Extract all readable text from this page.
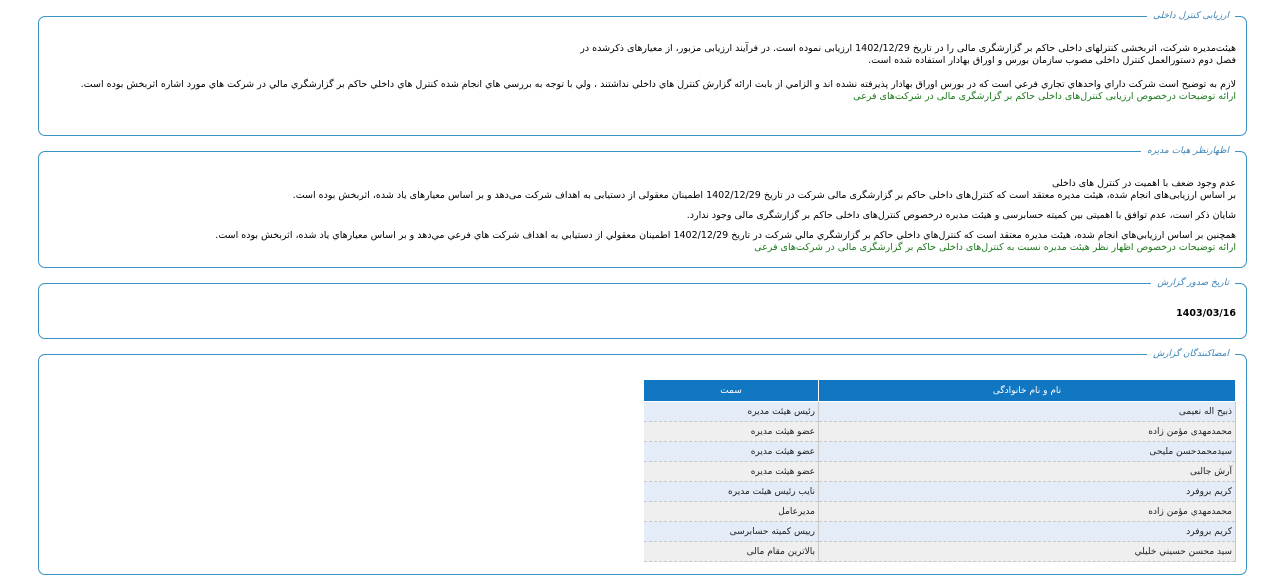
ارزیابی کنترل داخلی

هیئت‌مدیره شرکت، اثربخشی کنترلهای داخلی حاکم بر گزارشگری مالی را در تاریخ 1402/12/29 ارزیابی نموده است. در فرآیند ارزیابی مزبور، از معیارهای ذکرشده در

فصل دوم دستورالعمل کنترل داخلی مصوب سازمان بورس و اوراق بهادار استفاده شده است.

لازم به توضیح است شرکت داراي واحدهاي تجاري فرعي است كه در بورس اوراق بهادار پذيرفته نشده اند و الزامي از بابت ارائه گزارش كنترل هاي داخلي نداشتند ، ولي با توجه به بررسي هاي انجام شده كنترل هاي داخلي حاكم بر گزارشگري مالي در شركت هاي مورد اشاره اثربخش بوده است.

ارائه توضیحات درخصوص ارزیابی کنترل‌های داخلی حاکم بر گزارشگری مالی در شرکت‌های فرعی

اظهارنظر هیات مدیره

عدم وجود ضعف با اهمیت در کنترل های داخلی

بر اساس ارزیابی‌های انجام شده، هیئت مدیره معتقد است که کنترل‌های داخلی حاکم بر گزارشگری مالی شرکت در تاریخ 1402/12/29 اطمینان معقولی از دستیابی به اهداف شرکت می‌دهد و بر اساس معیارهای یاد شده، اثربخش بوده است.

شایان ذکر است، عدم توافق با اهمیتی بین کمیته حسابرسی و هیئت مدیره درخصوص کنترل‌های داخلی حاکم بر گزارشگری مالی وجود ندارد.

همچنين بر اساس ارزيابي‌هاي انجام شده، هيئت مديره معتقد است كه كنترل‌هاي داخلي حاكم بر گزارشگري مالي شركت در تاريخ 1402/12/29 اطمينان معقولي از دستيابي به اهداف شركت هاي فرعي مي‌دهد و بر اساس معيارهاي ياد شده، اثربخش بوده است.

ارائه توضیحات درخصوص اظهار نظر هیئت مدیره نسبت به کنترل‌های داخلی حاکم بر گزارشگری مالی در شرکت‌های فرعی

تاریخ صدور گزارش
1403/03/16
امضاکنندگان گزارش
نام و نام خانوادگی	سمت
ذبیح اله نعیمی	رئیس هیئت مدیره
محمدمهدی مؤمن زاده	عضو هیئت مدیره
سیدمحمدحسن ملیحی	عضو هیئت مدیره
آرش جالبی	عضو هیئت مدیره
کریم بروفرد	نایب رئیس هیئت مدیره
محمدمهدي مؤمن زاده	مديرعامل
کریم بروفرد	ريیس كميته حسابرسی
سيد محسن حسيني خليلي	بالاترين مقام مالی
